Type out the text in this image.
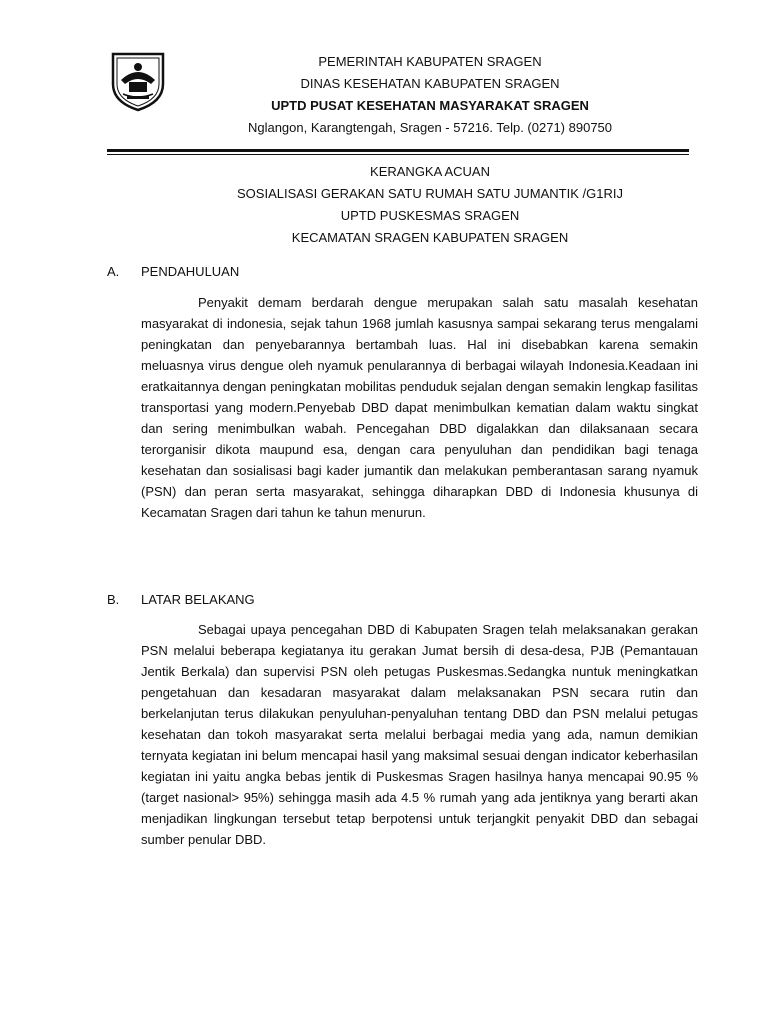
PEMERINTAH KABUPATEN SRAGEN
DINAS KESEHATAN KABUPATEN SRAGEN
UPTD PUSAT KESEHATAN MASYARAKAT SRAGEN
Nglangon, Karangtengah, Sragen - 57216. Telp. (0271) 890750
KERANGKA ACUAN
SOSIALISASI GERAKAN SATU RUMAH SATU JUMANTIK /G1RIJ
UPTD PUSKESMAS SRAGEN
KECAMATAN SRAGEN KABUPATEN SRAGEN
A. PENDAHULUAN

Penyakit demam berdarah dengue merupakan salah satu masalah kesehatan masyarakat di indonesia, sejak tahun 1968 jumlah kasusnya sampai sekarang terus mengalami peningkatan dan penyebarannya bertambah luas. Hal ini disebabkan karena semakin meluasnya virus dengue oleh nyamuk penularannya di berbagai wilayah Indonesia.Keadaan ini eratkaitannya dengan peningkatan mobilitas penduduk sejalan dengan semakin lengkap fasilitas transportasi yang modern.Penyebab DBD dapat menimbulkan kematian dalam waktu singkat dan sering menimbulkan wabah. Pencegahan DBD digalakkan dan dilaksanaan secara terorganisir dikota maupund esa, dengan cara penyuluhan dan pendidikan bagi tenaga kesehatan dan sosialisasi bagi kader jumantik dan melakukan pemberantasan sarang nyamuk (PSN) dan peran serta masyarakat, sehingga diharapkan DBD di Indonesia khusunya di Kecamatan Sragen dari tahun ke tahun menurun.

B. LATAR BELAKANG

Sebagai upaya pencegahan DBD di Kabupaten Sragen telah melaksanakan gerakan PSN melalui beberapa kegiatanya itu gerakan Jumat bersih di desa-desa, PJB (Pemantauan Jentik Berkala) dan supervisi PSN oleh petugas Puskesmas.Sedangka nuntuk meningkatkan pengetahuan dan kesadaran masyarakat dalam melaksanakan PSN secara rutin dan berkelanjutan terus dilakukan penyuluhan-penyaluhan tentang DBD dan PSN melalui petugas kesehatan dan tokoh masyarakat serta melalui berbagai media yang ada, namun demikian ternyata kegiatan ini belum mencapai hasil yang maksimal sesuai dengan indicator keberhasilan kegiatan ini yaitu angka bebas jentik di Puskesmas Sragen hasilnya hanya mencapai 90.95 % (target nasional> 95%) sehingga masih ada 4.5 % rumah yang ada jentiknya yang berarti akan menjadikan lingkungan tersebut tetap berpotensi untuk terjangkit penyakit DBD dan sebagai sumber penular DBD.
